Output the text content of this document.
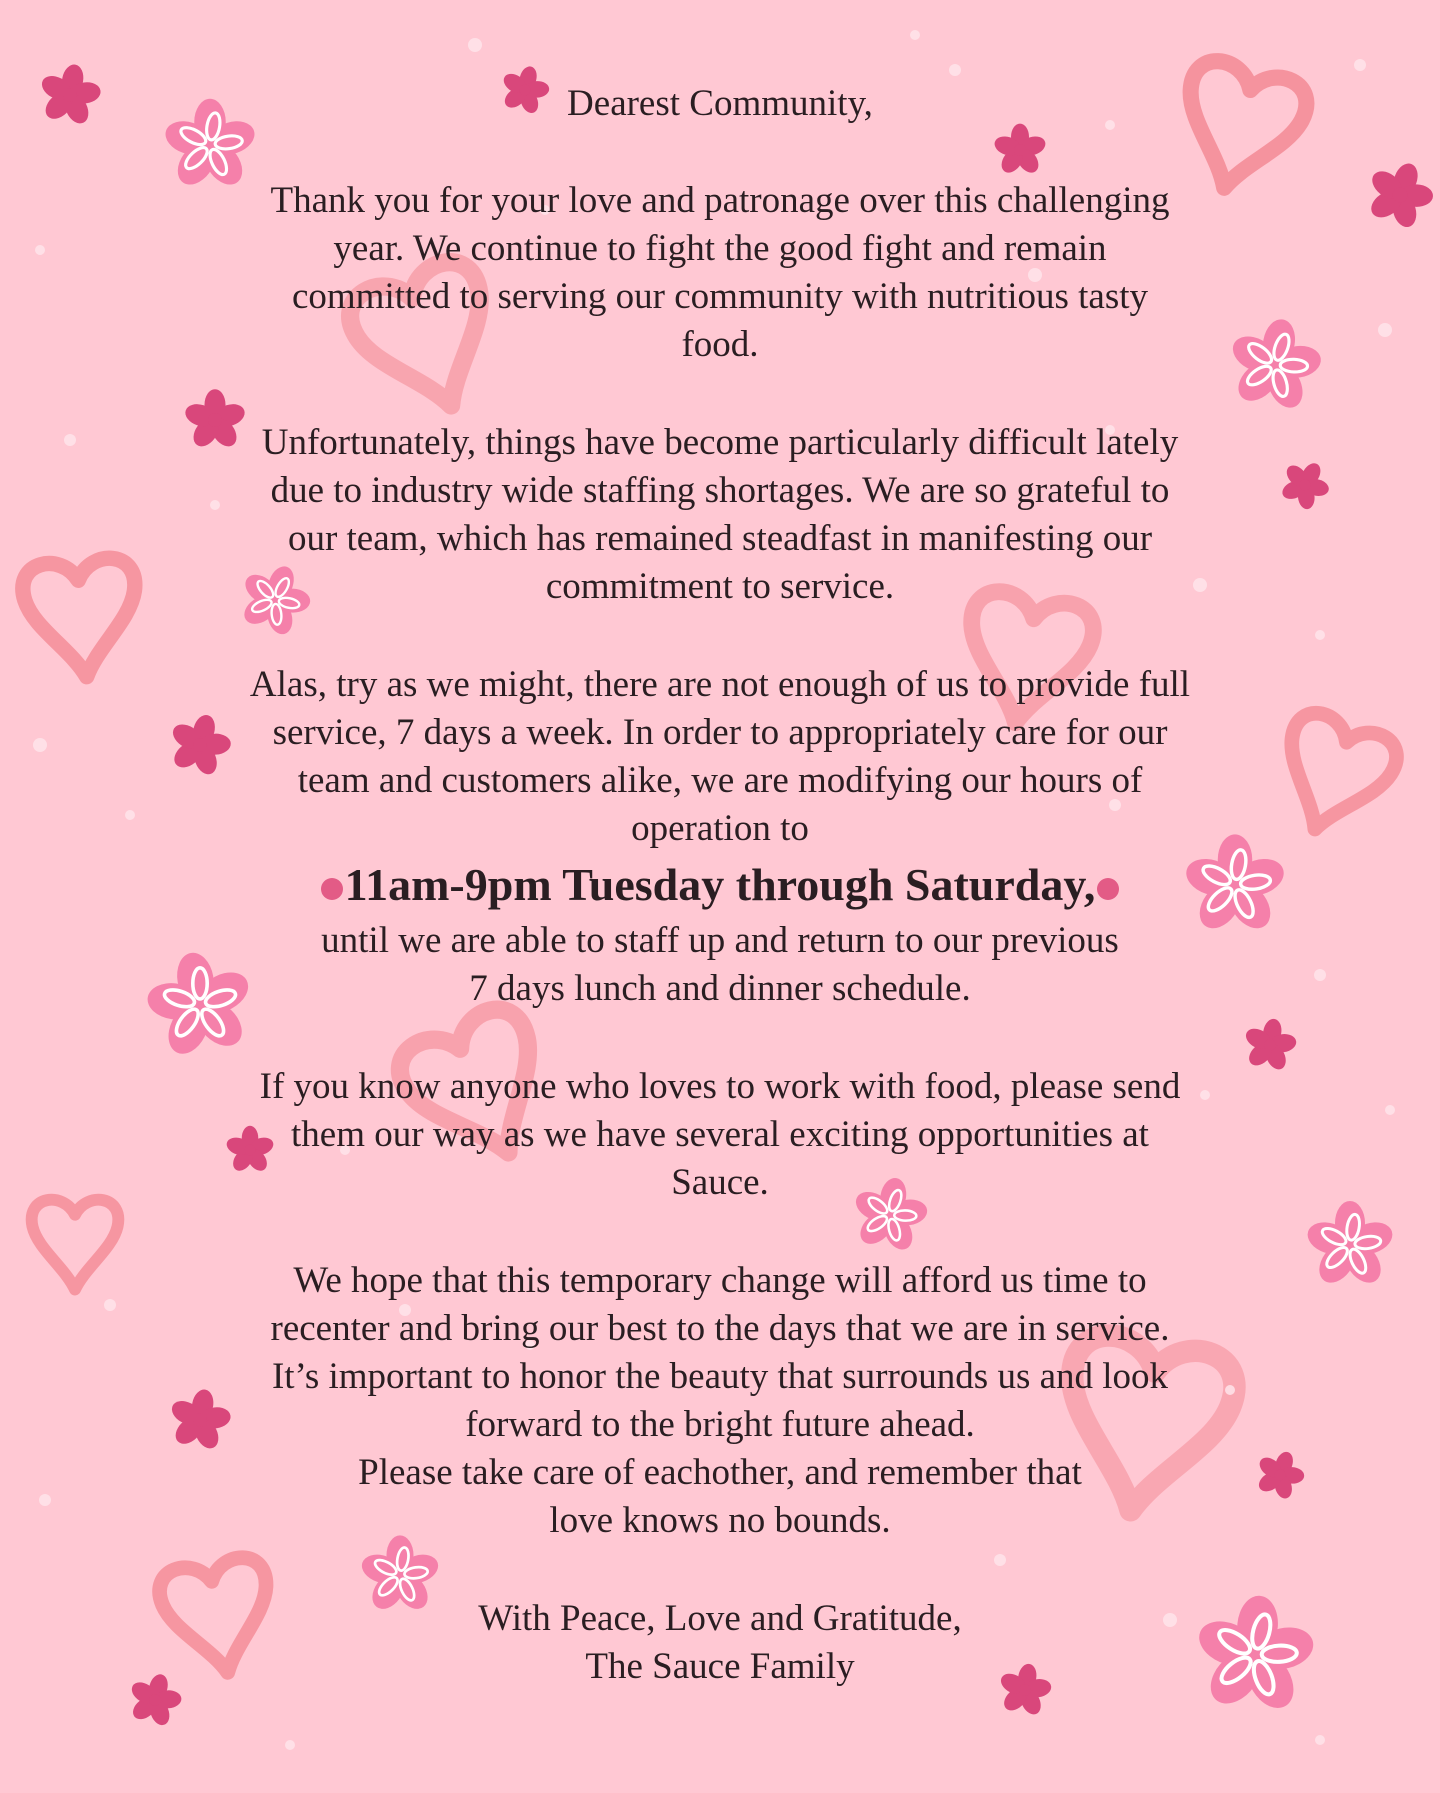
Dearest Community,
Thank you for your love and patronage over this challenging
year. We continue to fight the good fight and remain
committed to serving our community with nutritious tasty
food.
Unfortunately, things have become particularly difficult lately
due to industry wide staffing shortages. We are so grateful to
our team, which has remained steadfast in manifesting our
commitment to service.
Alas, try as we might, there are not enough of us to provide full
service, 7 days a week. In order to appropriately care for our
team and customers alike, we are modifying our hours of
operation to
11am-9pm Tuesday through Saturday,
until we are able to staff up and return to our previous
7 days lunch and dinner schedule.
If you know anyone who loves to work with food, please send
them our way as we have several exciting opportunities at
Sauce.
We hope that this temporary change will afford us time to
recenter and bring our best to the days that we are in service.
It’s important to honor the beauty that surrounds us and look
forward to the bright future ahead.
Please take care of eachother, and remember that
love knows no bounds.
With Peace, Love and Gratitude,
The Sauce Family
